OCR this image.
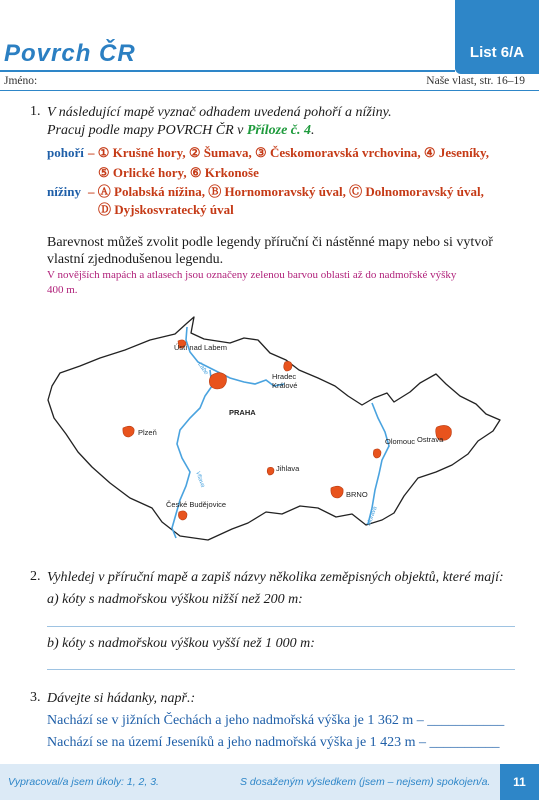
Povrch ČR	List 6/A
Jméno:	Naše vlast, str. 16–19
1. V následující mapě vyznač odhadem uvedená pohoří a nížiny.
Pracuj podle mapy POVRCH ČR v Příloze č. 4.
pohoří – ① Krušné hory, ② Šumava, ③ Českomoravská vrchovina, ④ Jeseníky,
⑤ Orlické hory, ⑥ Krkonoše
nížiny – Ⓐ Polabská nížina, Ⓑ Hornomoravský úval, Ⓒ Dolnomoravský úval,
Ⓓ Dyjskosvratecký úval
Barevnost můžeš zvolit podle legendy příruční či nástěnné mapy nebo si vytvoř
vlastní zjednodušenou legendu.
V novějších mapách a atlasech jsou označeny zelenou barvou oblasti až do nadmořské výšky
400 m.
Ústí nad Labem
Hradec
Králové
PRAHA
Plzeň
Olomouc Ostrava
Jihlava
BRNO
České Budějovice
Labe
Vltava
Morava
2. Vyhledej v příruční mapě a zapiš názvy několika zeměpisných objektů, které mají:
a) kóty s nadmořskou výškou nižší než 200 m:
b) kóty s nadmořskou výškou vyšší než 1 000 m:
3. Dávejte si hádanky, např.:
Nachází se v jižních Čechách a jeho nadmořská výška je 1 362 m – ___________
Nachází se na území Jeseníků a jeho nadmořská výška je 1 423 m – __________
Vypracoval/a jsem úkoly: 1, 2, 3.	S dosaženým výsledkem (jsem – nejsem) spokojen/a.	11
